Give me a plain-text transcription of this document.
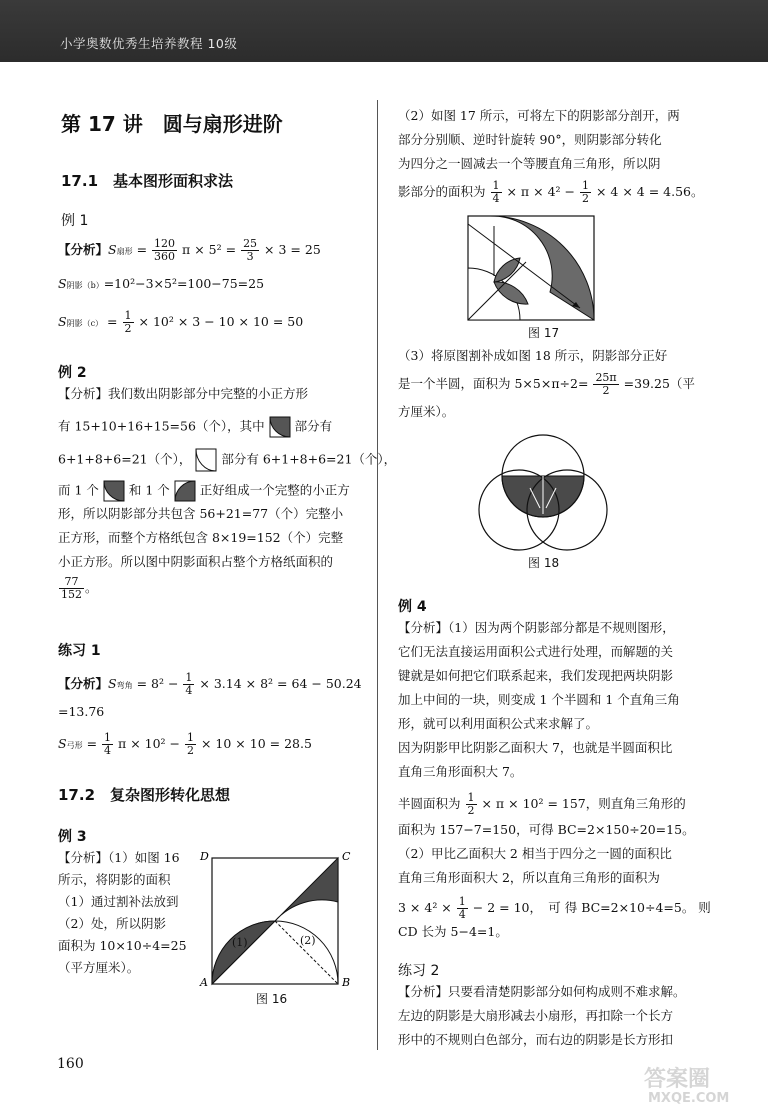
小学奥数优秀生培养教程 10级
第 17 讲　圆与扇形进阶
17.1　基本图形面积求法
例 1
【分析】S扇形 = $\frac{120}{360}$ $\pi \times 5^2 = \frac{25}{3} \times 3 = 25$
S阴影（b）=10²−3×5²=100−75=25
S阴影$(c) = \frac{1}{2} \times 10^2 \times 3 - 10 \times 10 = 50$
例 2
【分析】我们数出阴影部分中完整的小正方形
有 15+10+16+15=56（个），其中 部分有
6+1+8+6=21（个）， 部分有 6+1+8+6=21（个），
而 1 个 和 1 个 正好组成一个完整的小正方
形，所以阴影部分共包含 56+21=77（个）完整小
正方形，而整个方格纸包含 8×19=152（个）完整
小正方形。所以图中阴影面积占整个方格纸面积的
$\frac{77}{152}$ 。
练习 1
【分析】S弯角 = $8^2 - \frac{1}{4} \times 3.14 \times 8^2 = 64 - 50.24$
=13.76
S弓形 = $\frac{1}{4}$ $\pi \times 10^2 - \frac{1}{2} \times 10 \times 10 = 28.5$
17.2　复杂图形转化思想
例 3
【分析】（1）如图 16
所示，将阴影的面积
（1）通过割补法放到
（2）处，所以阴影
面积为 10×10÷4=25
（平方厘米）。
D	C
A	B
(1)	(2)
图 16
160
（2）如图 17 所示，可将左下的阴影部分剖开，两
部分分别顺、逆时针旋转 90°，则阴影部分转化
为四分之一圆减去一个等腰直角三角形，所以阴
影部分的面积为 $\frac{1}{4} \times \pi \times 4^2 - \frac{1}{2} \times 4 \times 4 = 4.56$。
图 17
（3）将原图割补成如图 18 所示，阴影部分正好
是一个半圆，面积为 $5\times 5\times\pi\div 2= \frac{25\pi}{2} =39.25$（平
方厘米）。
图 18
例 4
【分析】（1）因为两个阴影部分都是不规则图形，
它们无法直接运用面积公式进行处理，而解题的关
键就是如何把它们联系起来，我们发现把两块阴影
加上中间的一块，则变成 1 个半圆和 1 个直角三角
形，就可以利用面积公式来求解了。
因为阴影甲比阴影乙面积大 7，也就是半圆面积比
直角三角形面积大 7。
半圆面积为 $\frac{1}{2} \times \pi \times 10^2 = 157$，则直角三角形的
面积为 157−7=150，可得 BC=2×150÷20=15。
（2）甲比乙面积大 2 相当于四分之一圆的面积比
直角三角形面积大 2，所以直角三角形的面积为
$3 \times 4^2 \times \frac{1}{4} - 2 = 10$，　可 得 BC=2×10÷4=5。 则
CD 长为 5−4=1。
练习 2
【分析】只要看清楚阴影部分如何构成则不难求解。
左边的阴影是大扇形减去小扇形，再扣除一个长方
形中的不规则白色部分，而右边的阴影是长方形扣
答案圈
MXQE.COM
